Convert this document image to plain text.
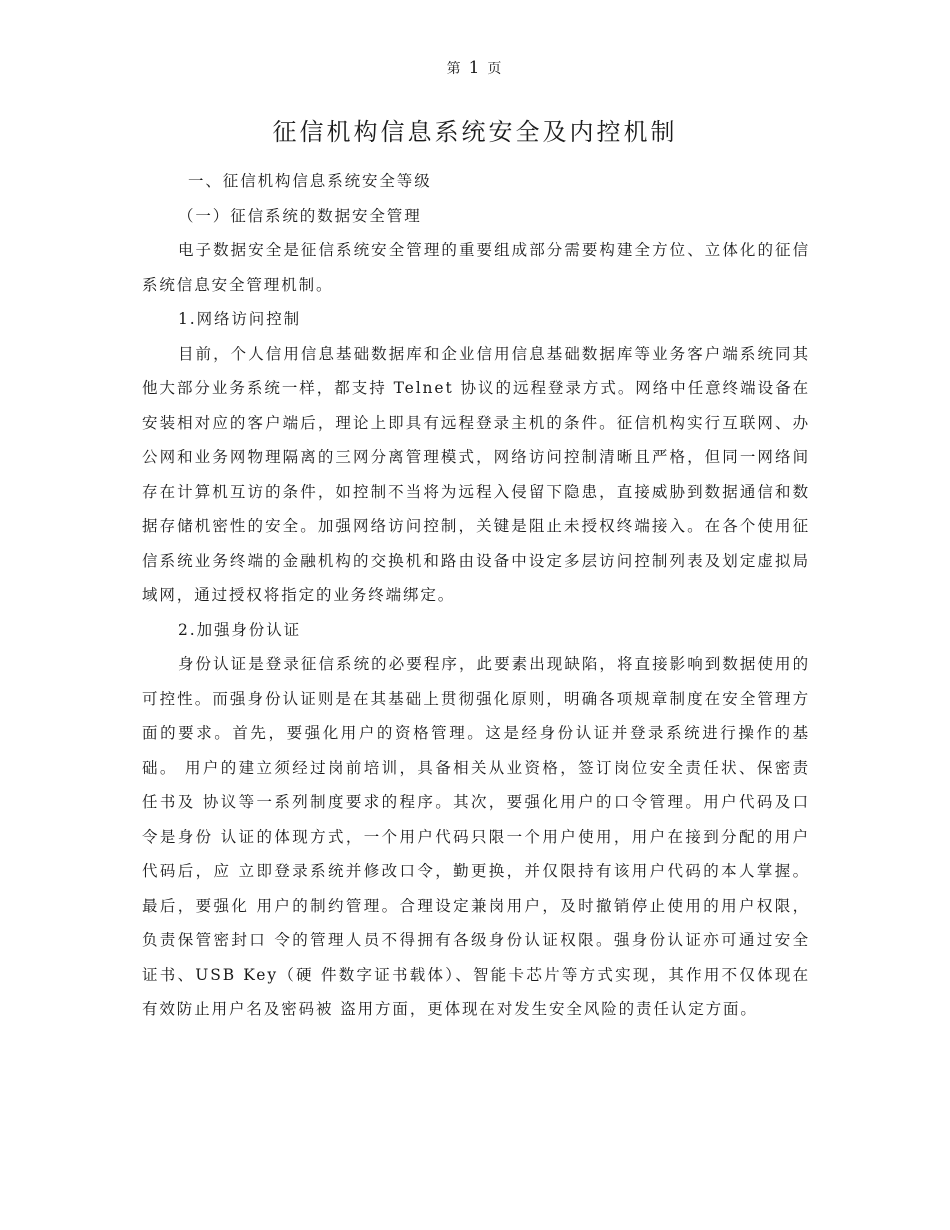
第 1 页
征信机构信息系统安全及内控机制

一、征信机构信息系统安全等级

（一）征信系统的数据安全管理

电子数据安全是征信系统安全管理的重要组成部分需要构建全方位、立体化的征信系统信息安全管理机制。

1.网络访问控制

目前，个人信用信息基础数据库和企业信用信息基础数据库等业务客户端系统同其他大部分业务系统一样，都支持 Telnet 协议的远程登录方式。网络中任意终端设备在安装相对应的客户端后，理论上即具有远程登录主机的条件。征信机构实行互联网、办公网和业务网物理隔离的三网分离管理模式，网络访问控制清晰且严格，但同一网络间存在计算机互访的条件，如控制不当将为远程入侵留下隐患，直接威胁到数据通信和数据存储机密性的安全。加强网络访问控制，关键是阻止未授权终端接入。在各个使用征信系统业务终端的金融机构的交换机和路由设备中设定多层访问控制列表及划定虚拟局域网，通过授权将指定的业务终端绑定。

2.加强身份认证

身份认证是登录征信系统的必要程序，此要素出现缺陷，将直接影响到数据使用的 可控性。而强身份认证则是在其基础上贯彻强化原则，明确各项规章制度在安全管理方面的要求。首先，要强化用户的资格管理。这是经身份认证并登录系统进行操作的基础。 用户的建立须经过岗前培训，具备相关从业资格，签订岗位安全责任状、保密责任书及 协议等一系列制度要求的程序。其次，要强化用户的口令管理。用户代码及口令是身份 认证的体现方式，一个用户代码只限一个用户使用，用户在接到分配的用户代码后，应 立即登录系统并修改口令，勤更换，并仅限持有该用户代码的本人掌握。最后，要强化 用户的制约管理。合理设定兼岗用户，及时撤销停止使用的用户权限，负责保管密封口 令的管理人员不得拥有各级身份认证权限。强身份认证亦可通过安全证书、USB Key（硬 件数字证书载体）、智能卡芯片等方式实现，其作用不仅体现在有效防止用户名及密码被 盗用方面，更体现在对发生安全风险的责任认定方面。
